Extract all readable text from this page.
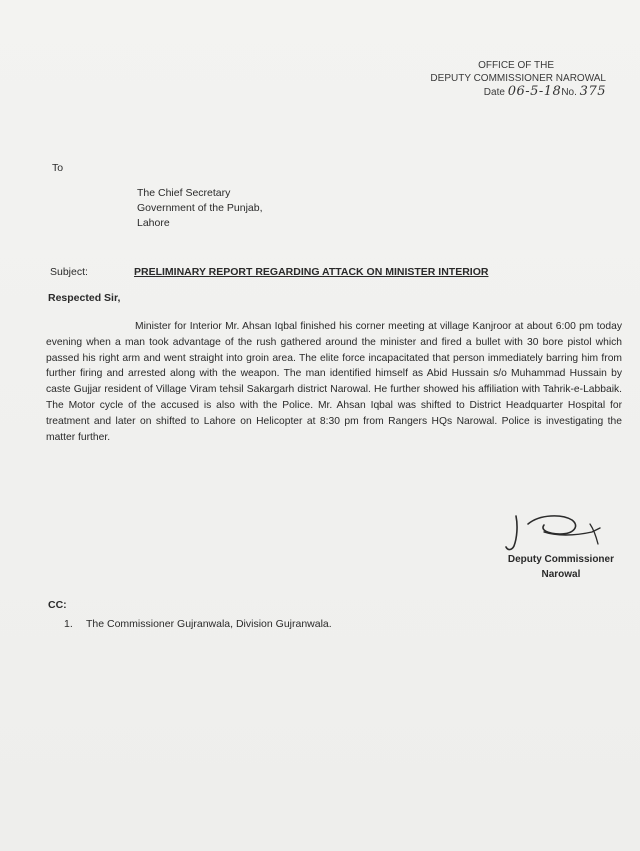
OFFICE OF THE
DEPUTY COMMISSIONER NAROWAL
Date 06-5-18No. 375
To
The Chief Secretary
Government of the Punjab,
Lahore
Subject:	PRELIMINARY REPORT REGARDING ATTACK ON MINISTER INTERIOR
Respected Sir,

Minister for Interior Mr. Ahsan Iqbal finished his corner meeting at village Kanjroor at about 6:00 pm today evening when a man took advantage of the rush gathered around the minister and fired a bullet with 30 bore pistol which passed his right arm and went straight into groin area. The elite force incapacitated that person immediately barring him from further firing and arrested along with the weapon. The man identified himself as Abid Hussain s/o Muhammad Hussain by caste Gujjar resident of Village Viram tehsil Sakargarh district Narowal. He further showed his affiliation with Tahrik-e-Labbaik. The Motor cycle of the accused is also with the Police. Mr. Ahsan Iqbal was shifted to District Headquarter Hospital for treatment and later on shifted to Lahore on Helicopter at 8:30 pm from Rangers HQs Narowal. Police is investigating the matter further.

Deputy Commissioner
Narowal
CC:
1. The Commissioner Gujranwala, Division Gujranwala.
